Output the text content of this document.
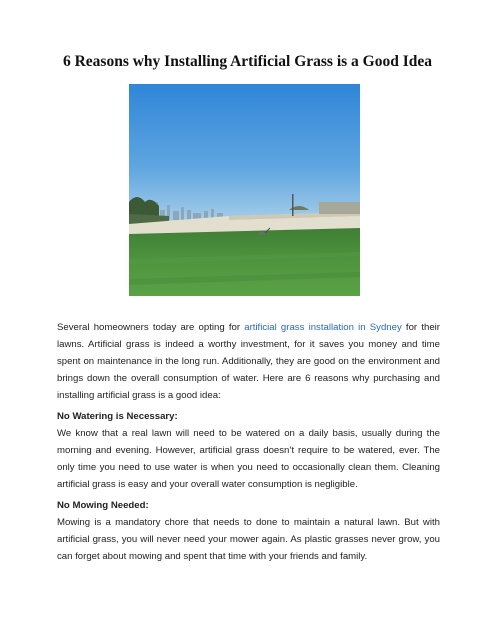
6 Reasons why Installing Artificial Grass is a Good Idea

Several homeowners today are opting for artificial grass installation in Sydney for their lawns. Artificial grass is indeed a worthy investment, for it saves you money and time spent on maintenance in the long run. Additionally, they are good on the environment and brings down the overall consumption of water. Here are 6 reasons why purchasing and installing artificial grass is a good idea:

No Watering is Necessary:

We know that a real lawn will need to be watered on a daily basis, usually during the morning and evening. However, artificial grass doesn’t require to be watered, ever. The only time you need to use water is when you need to occasionally clean them. Cleaning artificial grass is easy and your overall water consumption is negligible.

No Mowing Needed:

Mowing is a mandatory chore that needs to done to maintain a natural lawn. But with artificial grass, you will never need your mower again. As plastic grasses never grow, you can forget about mowing and spent that time with your friends and family.
